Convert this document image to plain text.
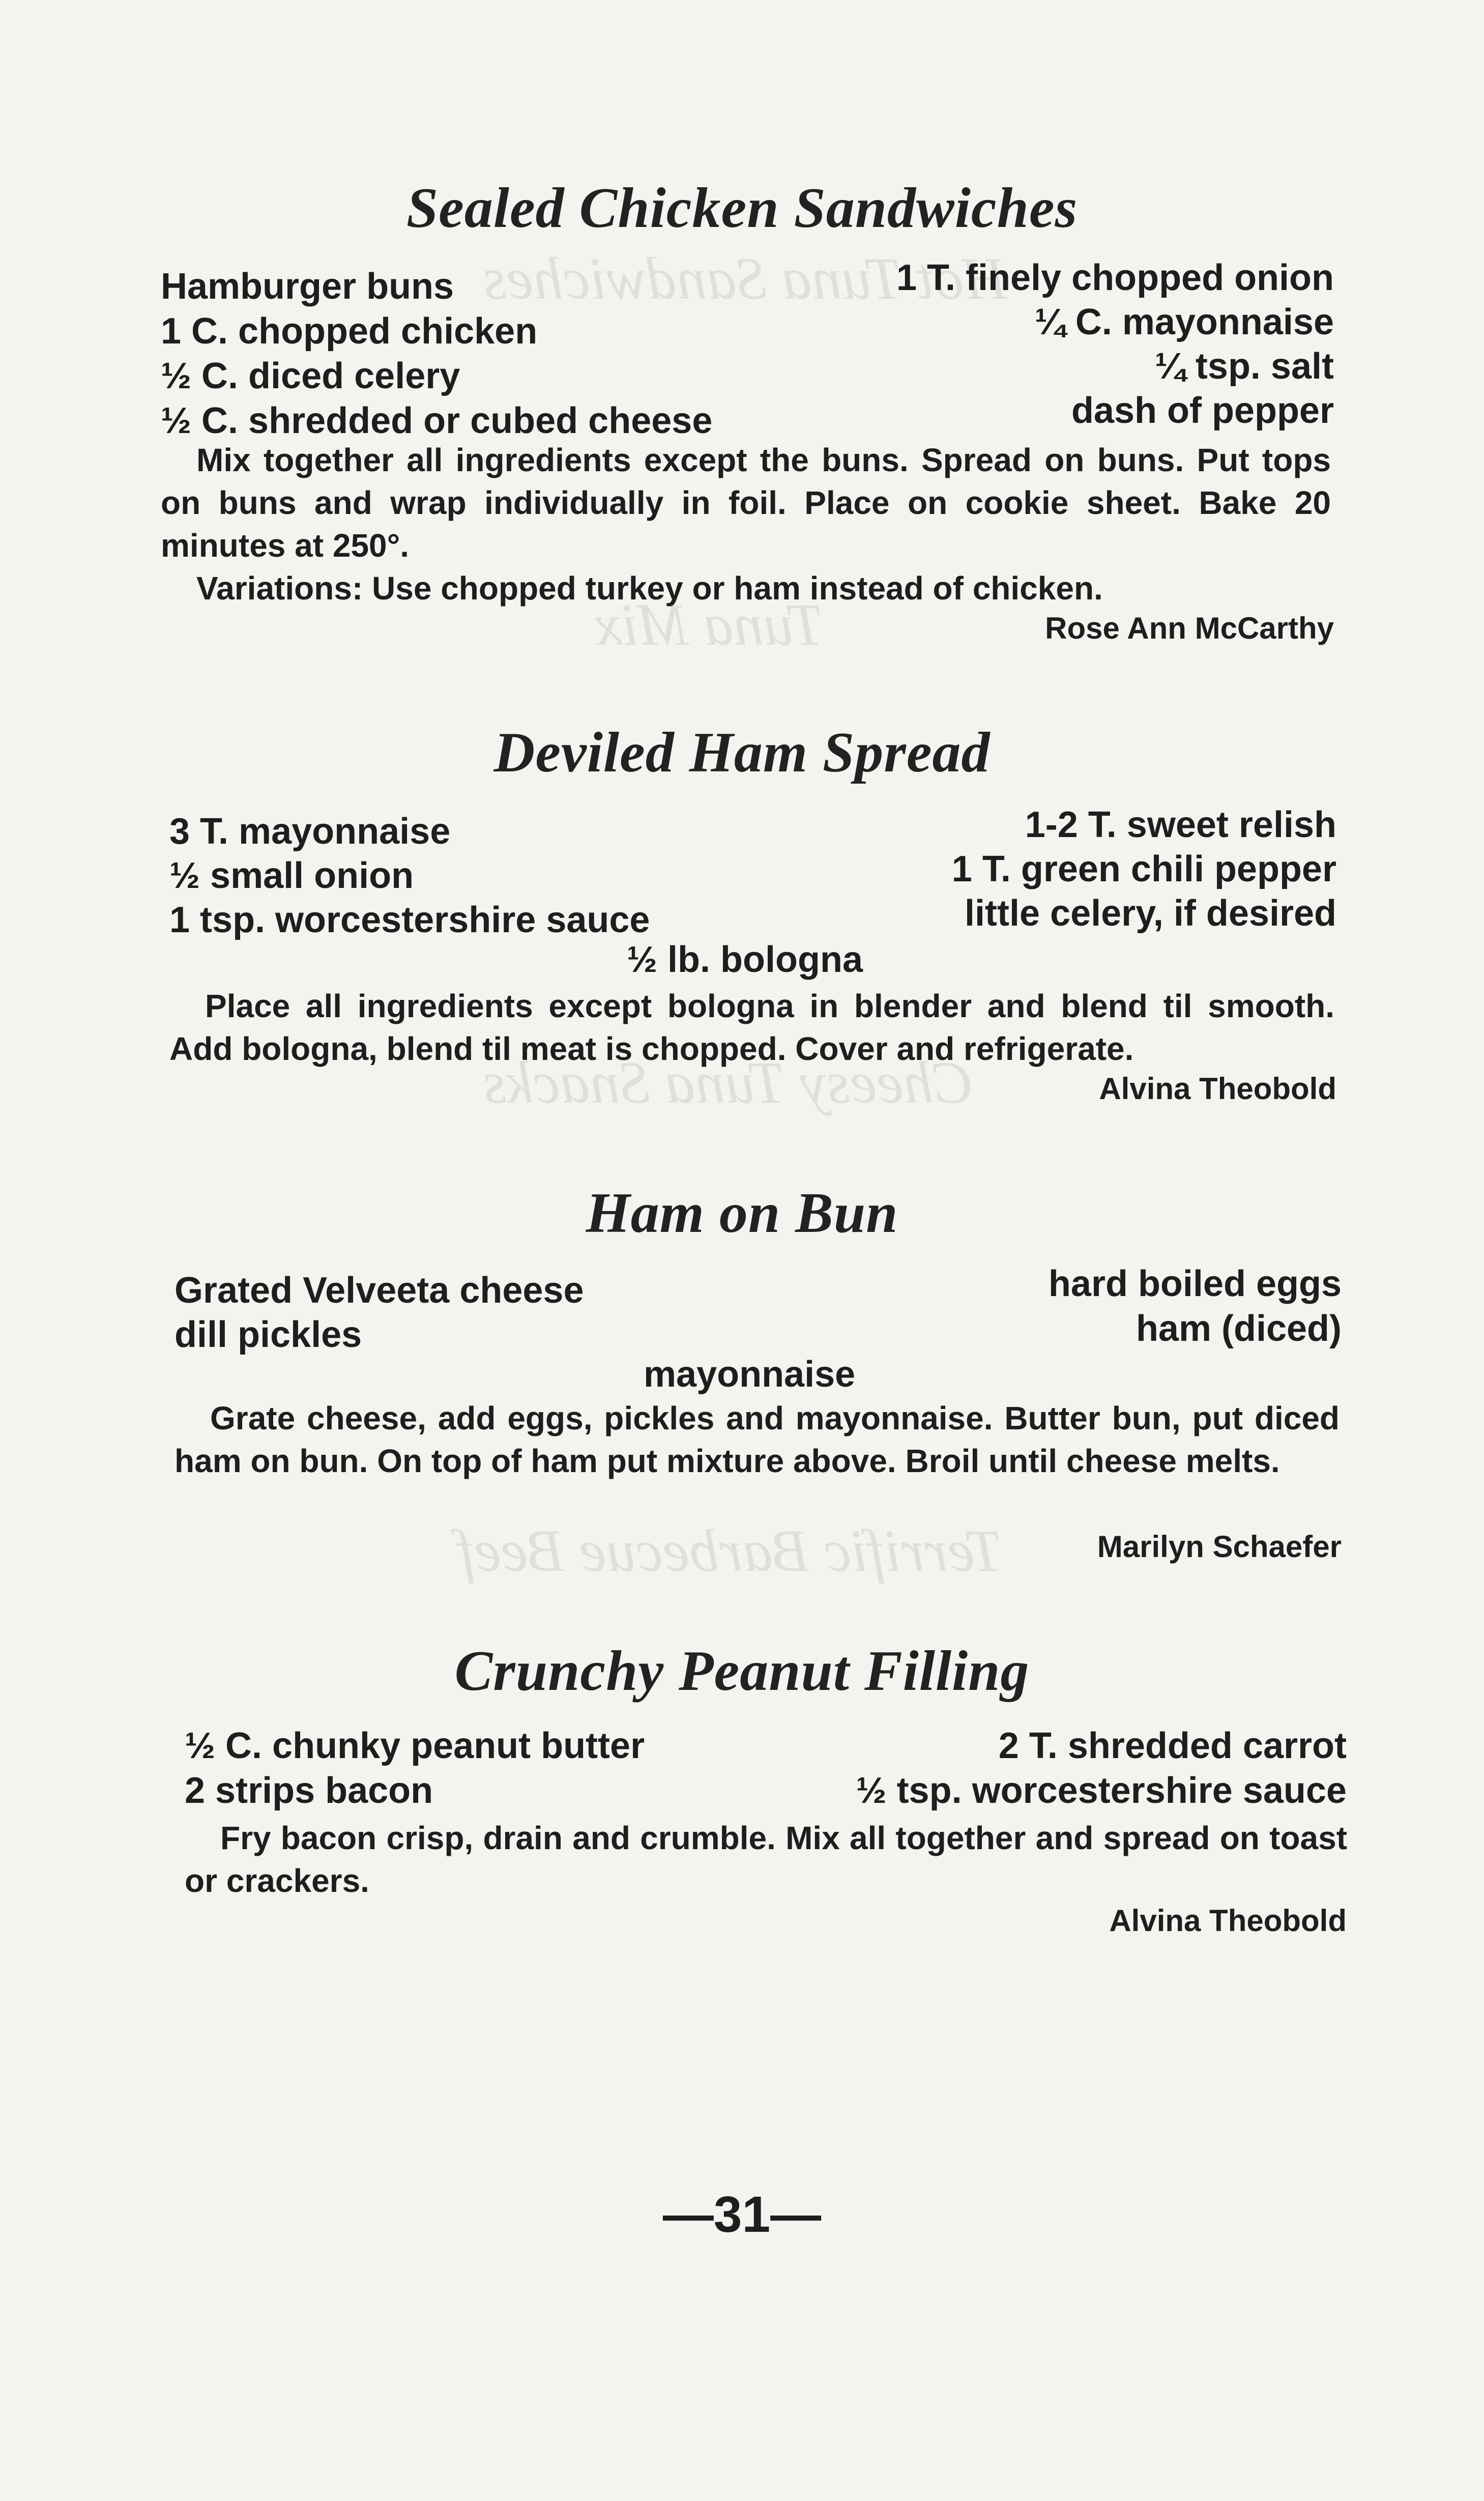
Hot Tuna Sandwiches
Tuna Mix
Cheesy Tuna Snacks
Terrific Barbecue Beef
Sealed Chicken Sandwiches
Hamburger buns
1 C. chopped chicken
½ C. diced celery
½ C. shredded or cubed cheese
1 T. finely chopped onion
¼ C. mayonnaise
¼ tsp. salt
dash of pepper

Mix together all ingredients except the buns. Spread on buns. Put tops on buns and wrap individually in foil. Place on cookie sheet. Bake 20 minutes at 250°.

Variations: Use chopped turkey or ham instead of chicken.

Rose Ann McCarthy
Deviled Ham Spread
3 T. mayonnaise
½ small onion
1 tsp. worcestershire sauce
1-2 T. sweet relish
1 T. green chili pepper
little celery, if desired
½ lb. bologna

Place all ingredients except bologna in blender and blend til smooth. Add bologna, blend til meat is chopped. Cover and refrigerate.

Alvina Theobold
Ham on Bun
Grated Velveeta cheese
dill pickles
hard boiled eggs
ham (diced)
mayonnaise

Grate cheese, add eggs, pickles and mayonnaise. Butter bun, put diced ham on bun. On top of ham put mixture above. Broil until cheese melts.

Marilyn Schaefer
Crunchy Peanut Filling
½ C. chunky peanut butter
2 strips bacon
2 T. shredded carrot
½ tsp. worcestershire sauce

Fry bacon crisp, drain and crumble. Mix all together and spread on toast or crackers.

Alvina Theobold
—31—
